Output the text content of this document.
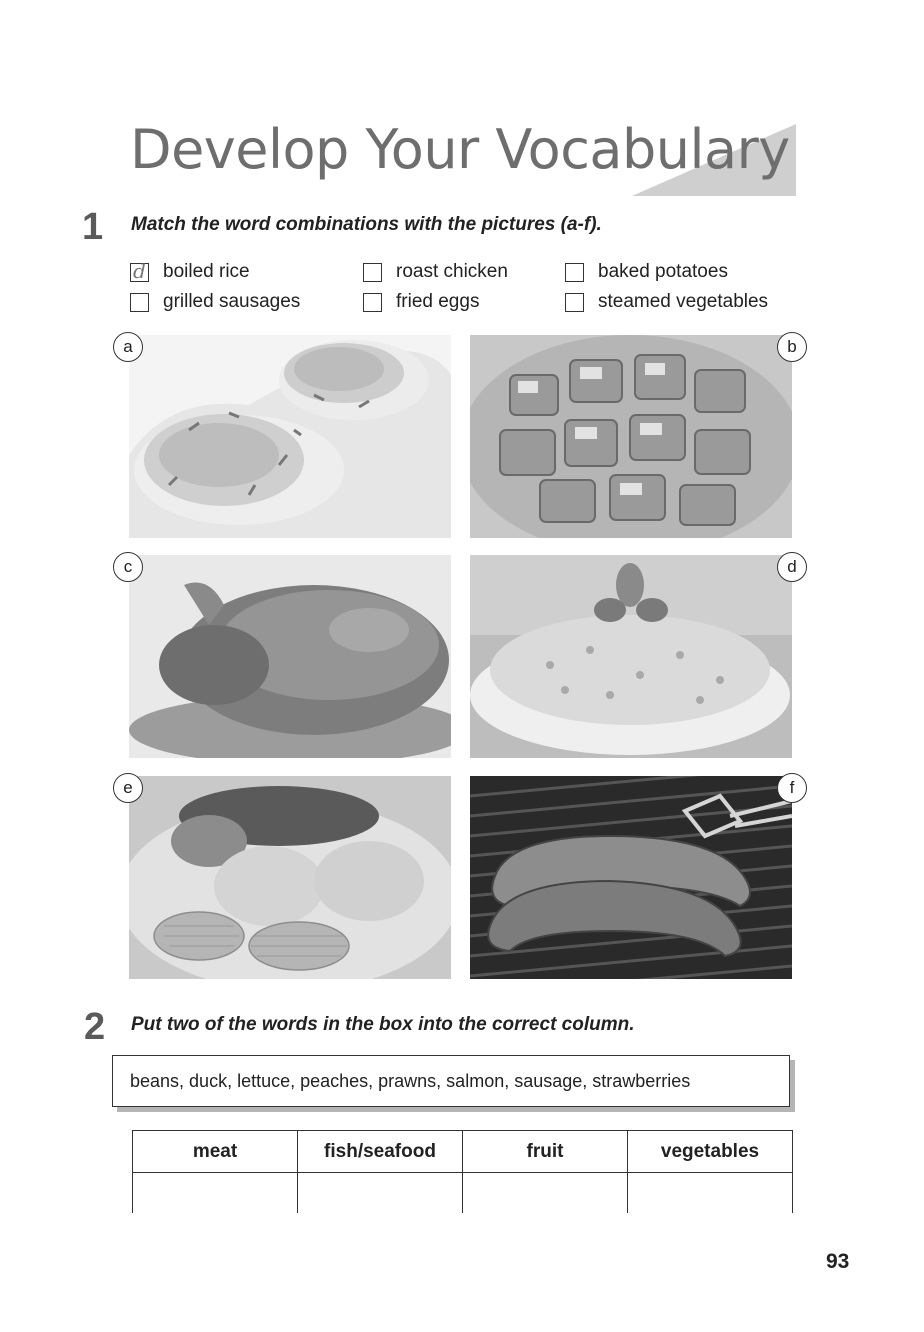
Develop Your Vocabulary
1 Match the word combinations with the pictures (a-f).
d boiled rice	roast chicken	baked potatoes
grilled sausages	fried eggs	steamed vegetables
a	b
c	d
e	f
2 Put two of the words in the box into the correct column.
beans, duck, lettuce, peaches, prawns, salmon, sausage, strawberries
meat	fish/seafood	fruit	vegetables

93
